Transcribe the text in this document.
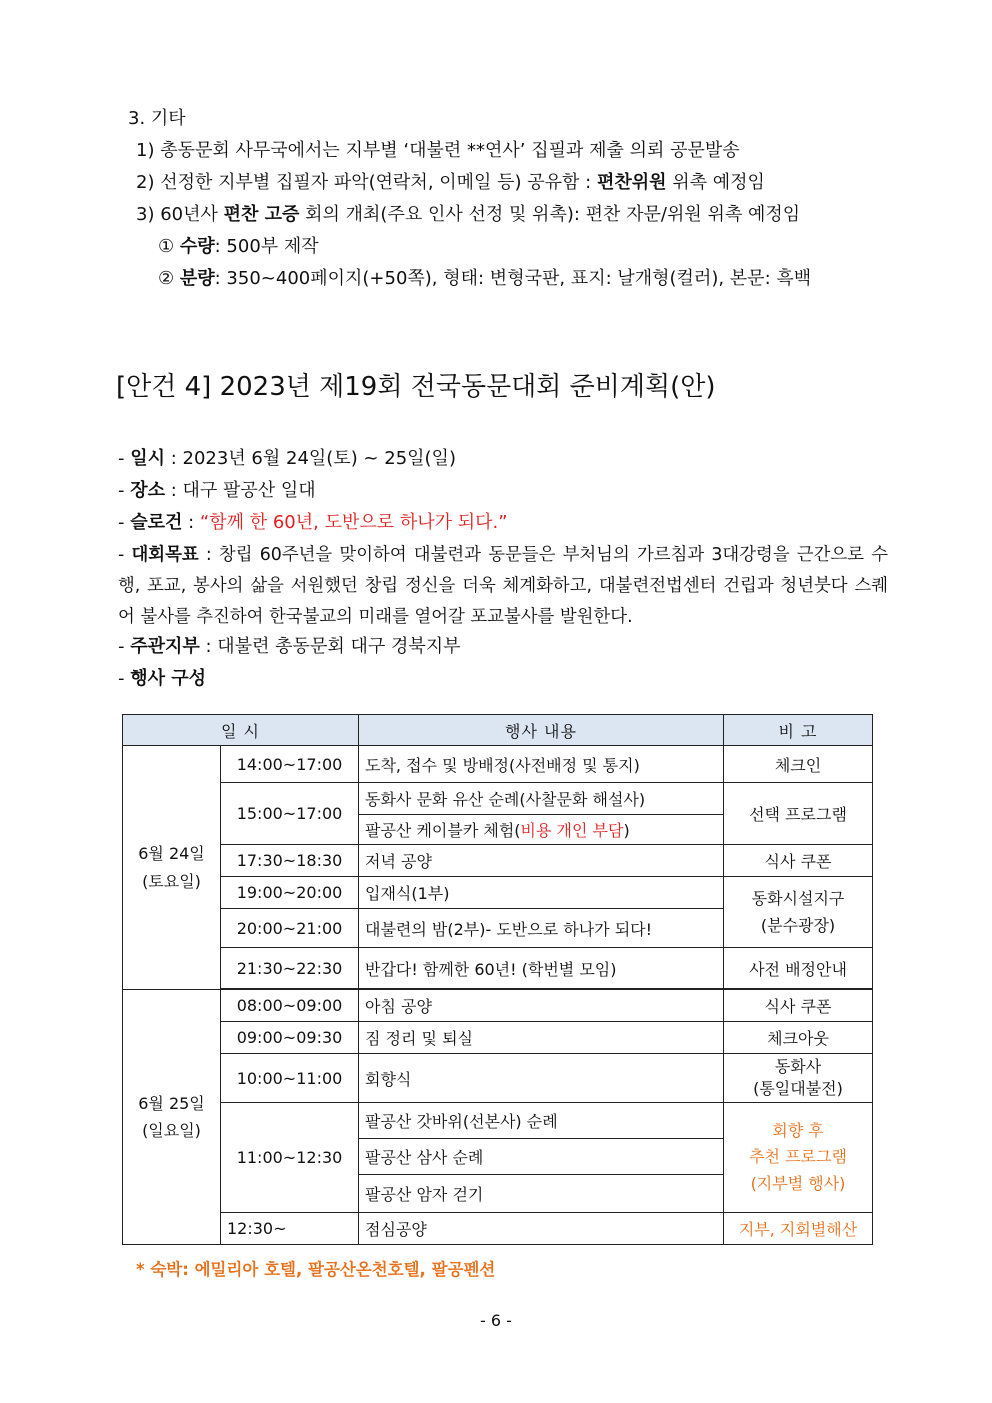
3. 기타
1) 총동문회 사무국에서는 지부별 ‘대불련 **연사’ 집필과 제출 의뢰 공문발송
2) 선정한 지부별 집필자 파악(연락처, 이메일 등) 공유함 : 편찬위원 위촉 예정임
3) 60년사 편찬 고증 회의 개최(주요 인사 선정 및 위촉): 편찬 자문/위원 위촉 예정임
① 수량: 500부 제작
② 분량: 350~400페이지(+50쪽), 형태: 변형국판, 표지: 날개형(컬러), 본문: 흑백
[안건 4] 2023년 제19회 전국동문대회 준비계획(안)
- 일시 : 2023년 6월 24일(토) ~ 25일(일)
- 장소 : 대구 팔공산 일대
- 슬로건 : “함께 한 60년, 도반으로 하나가 되다.”
- 대회목표 : 창립 60주년을 맞이하여 대불련과 동문들은 부처님의 가르침과 3대강령을 근간으로 수행, 포교, 봉사의 삶을 서원했던 창립 정신을 더욱 체계화하고, 대불련전법센터 건립과 청년붓다 스퀘어 불사를 추진하여 한국불교의 미래를 열어갈 포교불사를 발원한다.
- 주관지부 : 대불련 총동문회 대구 경북지부
- 행사 구성
일 시		행사 내용	비 고
6월 24일
(토요일)	14:00~17:00	도착, 접수 및 방배정(사전배정 및 통지)	체크인
	15:00~17:00	동화사 문화 유산 순례(사찰문화 해설사)	선택 프로그램
		팔공산 케이블카 체험(비용 개인 부담)	
	17:30~18:30	저녁 공양	식사 쿠폰
	19:00~20:00	입재식(1부)	동화시설지구
(분수광장)
	20:00~21:00	대불련의 밤(2부)- 도반으로 하나가 되다!	
	21:30~22:30	반갑다! 함께한 60년! (학번별 모임)	사전 배정안내

6월 25일
(일요일)	08:00~09:00	아침 공양	식사 쿠폰
	09:00~09:30	짐 정리 및 퇴실	체크아웃
	10:00~11:00	회향식	동화사
(통일대불전)
	11:00~12:30	팔공산 갓바위(선본사) 순례	회향 후
추천 프로그램
(지부별 행사)
		팔공산 삼사 순례	
		팔공산 암자 걷기	
	12:30~	점심공양	지부, 지회별해산
* 숙박: 에밀리아 호텔, 팔공산온천호텔, 팔공펜션
- 6 -
